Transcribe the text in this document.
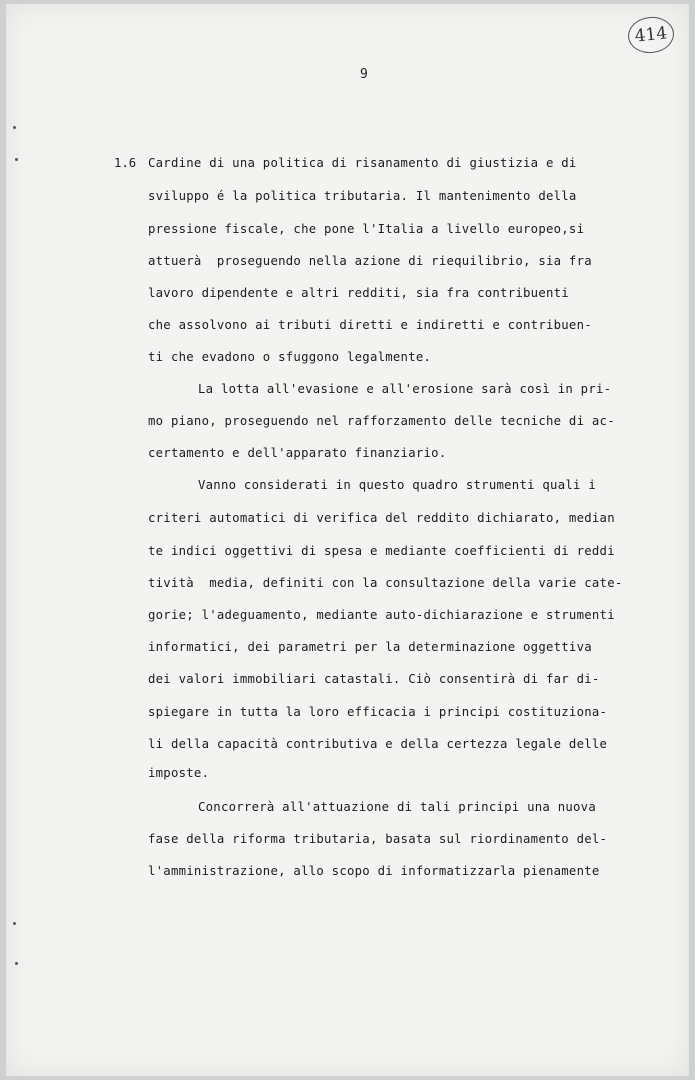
414
9
1.6 Cardine di una politica di risanamento di giustizia e di
sviluppo é la politica tributaria. Il mantenimento della
pressione fiscale, che pone l'Italia a livello europeo,si
attuerà  proseguendo nella azione di riequilibrio, sia fra
lavoro dipendente e altri redditi, sia fra contribuenti
che assolvono ai tributi diretti e indiretti e contribuen-
ti che evadono o sfuggono legalmente.
La lotta all'evasione e all'erosione sarà così in pri-
mo piano, proseguendo nel rafforzamento delle tecniche di ac-
certamento e dell'apparato finanziario.
Vanno considerati in questo quadro strumenti quali i
criteri automatici di verifica del reddito dichiarato, median
te indici oggettivi di spesa e mediante coefficienti di reddi
tività  media, definiti con la consultazione della varie cate-
gorie; l'adeguamento, mediante auto-dichiarazione e strumenti
informatici, dei parametri per la determinazione oggettiva
dei valori immobiliari catastali. Ciò consentirà di far di-
spiegare in tutta la loro efficacia i principi costituziona-
li della capacità contributiva e della certezza legale delle
imposte.
Concorrerà all'attuazione di tali principi una nuova
fase della riforma tributaria, basata sul riordinamento del-
l'amministrazione, allo scopo di informatizzarla pienamente
